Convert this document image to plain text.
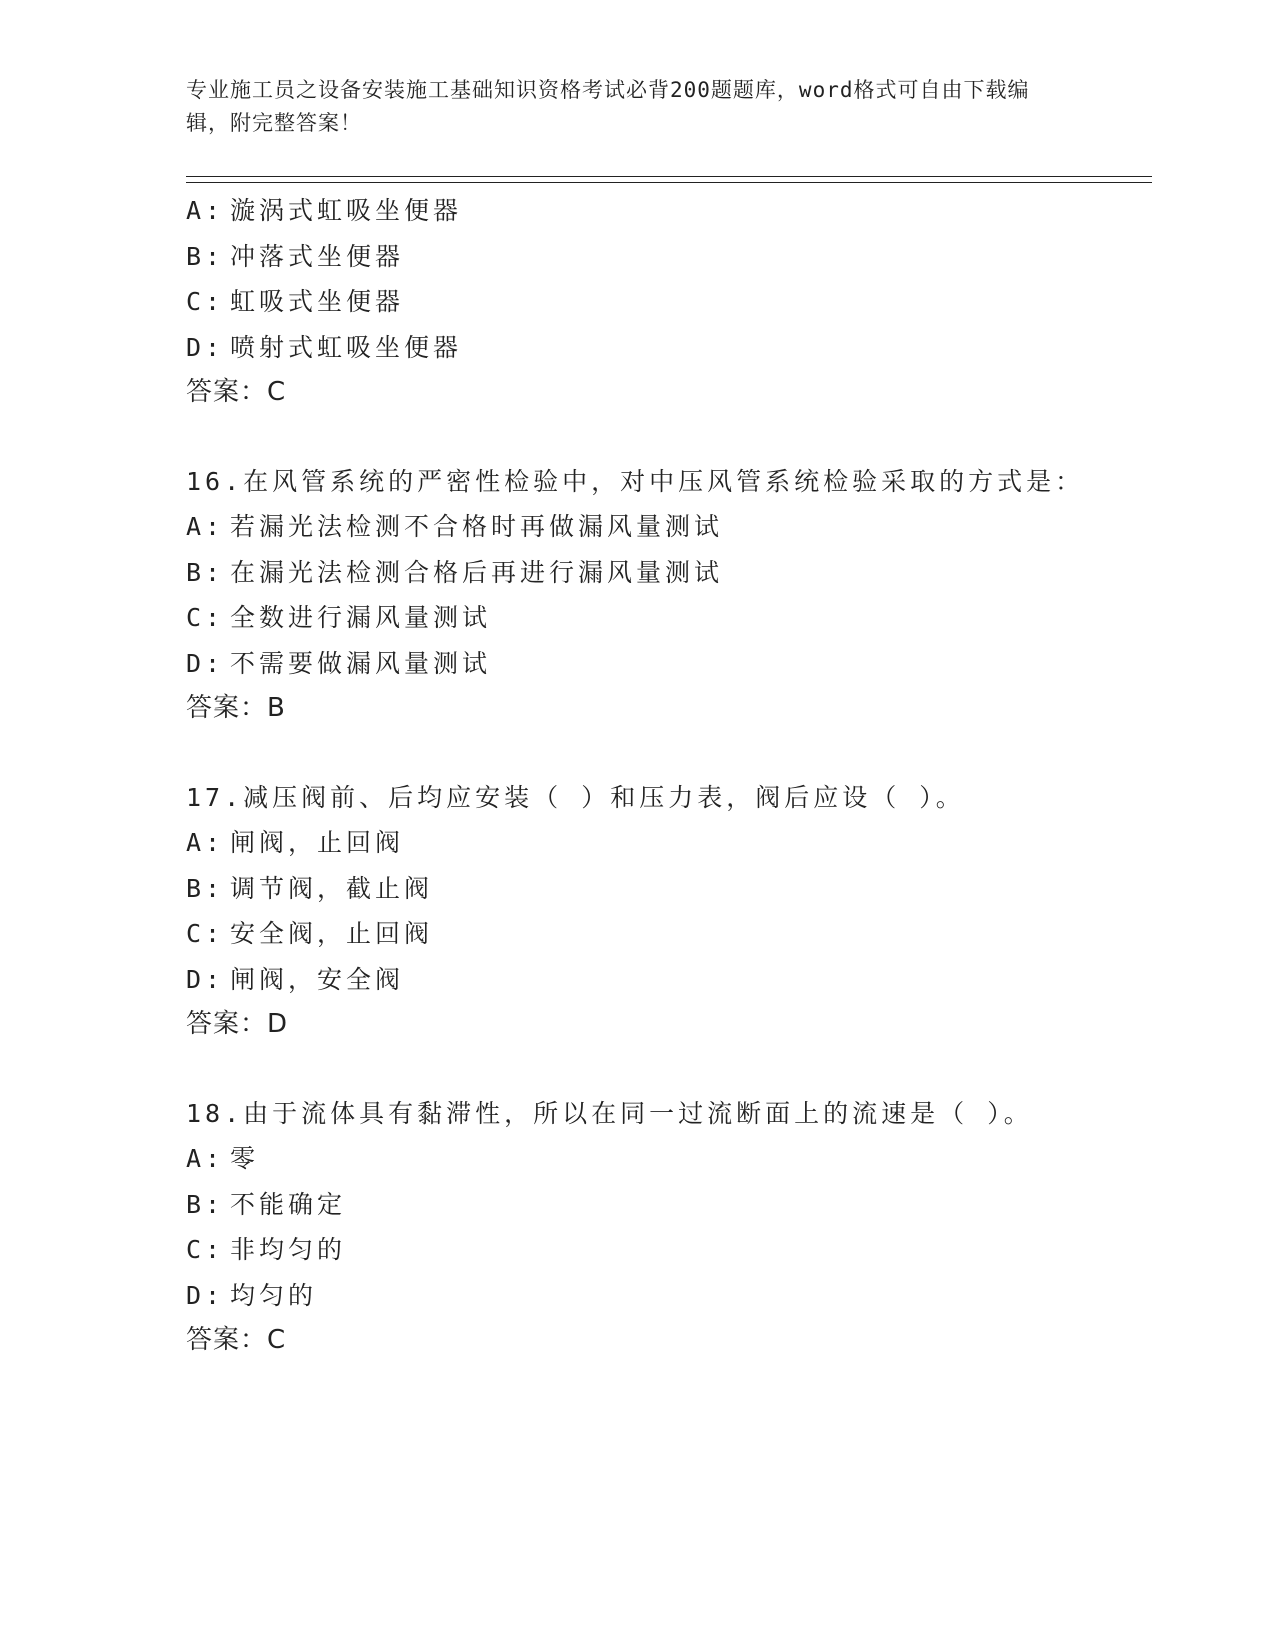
专业施工员之设备安装施工基础知识资格考试必背200题题库，word格式可自由下载编辑，附完整答案！
A: 漩涡式虹吸坐便器
B: 冲落式坐便器
C: 虹吸式坐便器
D: 喷射式虹吸坐便器
答案：C
16.在风管系统的严密性检验中，对中压风管系统检验采取的方式是：
A: 若漏光法检测不合格时再做漏风量测试
B: 在漏光法检测合格后再进行漏风量测试
C: 全数进行漏风量测试
D: 不需要做漏风量测试
答案：B
17.减压阀前、后均应安装（ ）和压力表，阀后应设（ ）。
A: 闸阀，止回阀
B: 调节阀，截止阀
C: 安全阀，止回阀
D: 闸阀，安全阀
答案：D
18.由于流体具有黏滞性，所以在同一过流断面上的流速是（ ）。
A: 零
B: 不能确定
C: 非均匀的
D: 均匀的
答案：C
